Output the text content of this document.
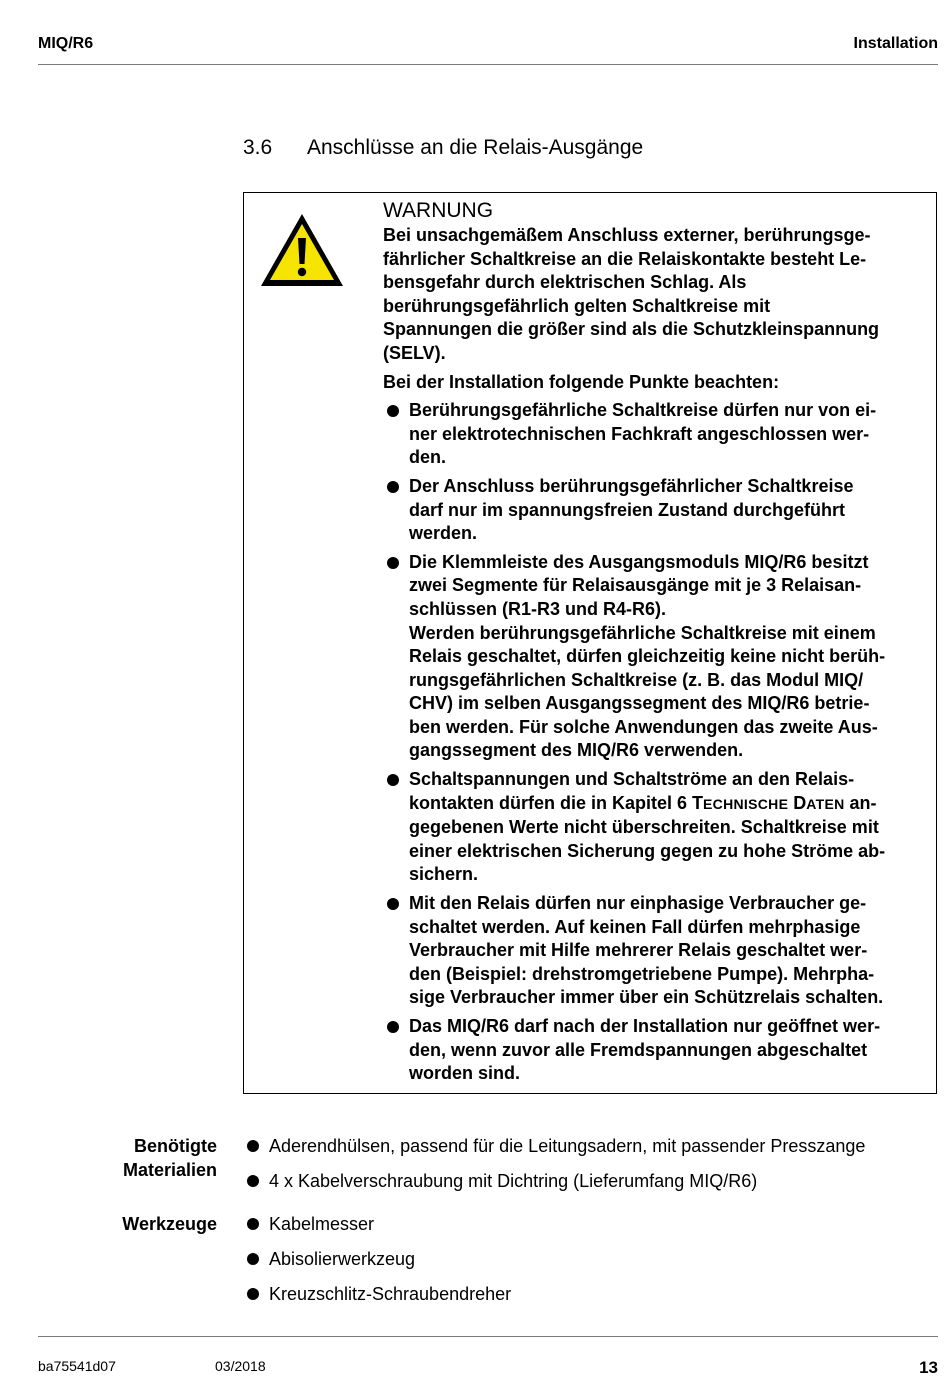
MIQ/R6	Installation
3.6 Anschlüsse an die Relais-Ausgänge
WARNUNG
Bei unsachgemäßem Anschluss externer, berührungsge-
fährlicher Schaltkreise an die Relaiskontakte besteht Le-
bensgefahr durch elektrischen Schlag. Als
berührungsgefährlich gelten Schaltkreise mit
Spannungen die größer sind als die Schutzkleinspannung
(SELV).
Bei der Installation folgende Punkte beachten:
Berührungsgefährliche Schaltkreise dürfen nur von ei-
ner elektrotechnischen Fachkraft angeschlossen wer-
den.
Der Anschluss berührungsgefährlicher Schaltkreise
darf nur im spannungsfreien Zustand durchgeführt
werden.
Die Klemmleiste des Ausgangsmoduls MIQ/R6 besitzt
zwei Segmente für Relaisausgänge mit je 3 Relaisan-
schlüssen (R1-R3 und R4-R6).
Werden berührungsgefährliche Schaltkreise mit einem
Relais geschaltet, dürfen gleichzeitig keine nicht berüh-
rungsgefährlichen Schaltkreise (z. B. das Modul MIQ/
CHV) im selben Ausgangssegment des MIQ/R6 betrie-
ben werden. Für solche Anwendungen das zweite Aus-
gangssegment des MIQ/R6 verwenden.
Schaltspannungen und Schaltströme an den Relais-
kontakten dürfen die in Kapitel 6 TECHNISCHE DATEN an-
gegebenen Werte nicht überschreiten. Schaltkreise mit
einer elektrischen Sicherung gegen zu hohe Ströme ab-
sichern.
Mit den Relais dürfen nur einphasige Verbraucher ge-
schaltet werden. Auf keinen Fall dürfen mehrphasige
Verbraucher mit Hilfe mehrerer Relais geschaltet wer-
den (Beispiel: drehstromgetriebene Pumpe). Mehrpha-
sige Verbraucher immer über ein Schützrelais schalten.
Das MIQ/R6 darf nach der Installation nur geöffnet wer-
den, wenn zuvor alle Fremdspannungen abgeschaltet
worden sind.
Benötigte
Materialien
Aderendhülsen, passend für die Leitungsadern, mit passender Presszange
4 x Kabelverschraubung mit Dichtring (Lieferumfang MIQ/R6)
Werkzeuge	Kabelmesser
Abisolierwerkzeug
Kreuzschlitz-Schraubendreher
ba75541d07	03/2018	13
